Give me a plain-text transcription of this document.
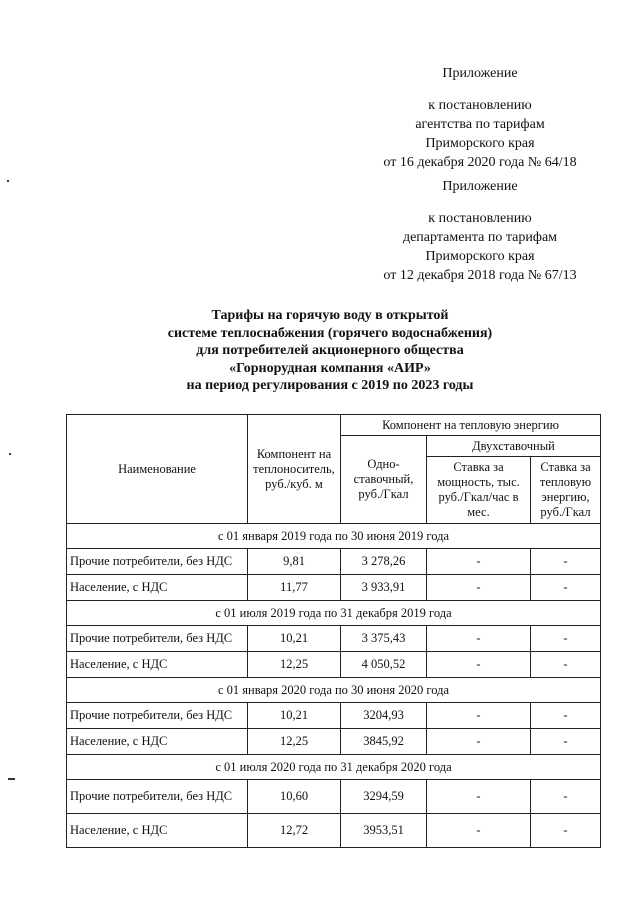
Приложение
к постановлению
агентства по тарифам
Приморского края
от 16 декабря 2020 года № 64/18
Приложение
к постановлению
департамента по тарифам
Приморского края
от 12 декабря 2018 года № 67/13
Тарифы на горячую воду в открытой
системе теплоснабжения (горячего водоснабжения)
для потребителей акционерного общества
«Горнорудная компания «АИР»
на период регулирования с 2019 по 2023 годы
Наименование	Компонент на теплоноситель, руб./куб. м	Компонент на тепловую энергию		
		Одно-ставочный, руб./Гкал	Двухставочный	
			Ставка за мощность, тыс. руб./Гкал/час в мес.	Ставка за тепловую энергию, руб./Гкал
с 01 января 2019 года по 30 июня 2019 года				
Прочие потребители, без НДС	9,81	3 278,26	-	-
Население, с НДС	11,77	3 933,91	-	-
с 01 июля 2019 года по 31 декабря 2019 года				
Прочие потребители, без НДС	10,21	3 375,43	-	-
Население, с НДС	12,25	4 050,52	-	-
с 01 января 2020 года по 30 июня 2020 года				
Прочие потребители, без НДС	10,21	3204,93	-	-
Население, с НДС	12,25	3845,92	-	-
с 01 июля 2020 года по 31 декабря 2020 года				
Прочие потребители, без НДС	10,60	3294,59	-	-
Население, с НДС	12,72	3953,51	-	-
